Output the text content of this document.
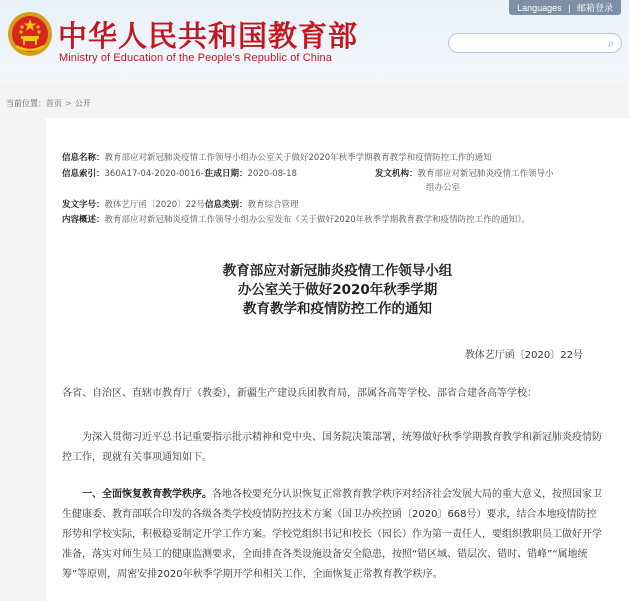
中华人民共和国教育部
Ministry of Education of the People's Republic of China
Languages | 邮箱登录
⌕
当前位置：首页 > 公开
信息名称：教育部应对新冠肺炎疫情工作领导小组办公室关于做好2020年秋季学期教育教学和疫情防控工作的通知
信息索引：360A17-04-2020-0016-1
生成日期：2020-08-18	发文机构：教育部应对新冠肺炎疫情工作领导小
组办公室
发文字号：教体艺厅函〔2020〕22号 信息类别：教育综合管理
内容概述：教育部应对新冠肺炎疫情工作领导小组办公室发布《关于做好2020年秋季学期教育教学和疫情防控工作的通知》。
教育部应对新冠肺炎疫情工作领导小组
办公室关于做好2020年秋季学期
教育教学和疫情防控工作的通知
教体艺厅函〔2020〕22号
各省、自治区、直辖市教育厅（教委），新疆生产建设兵团教育局，部属各高等学校、部省合建各高等学校：
为深入贯彻习近平总书记重要指示批示精神和党中央、国务院决策部署，统筹做好秋季学期教育教学和新冠肺炎疫情防控工作，现就有关事项通知如下。
一、全面恢复教育教学秩序。各地各校要充分认识恢复正常教育教学秩序对经济社会发展大局的重大意义，按照国家卫生健康委、教育部联合印发的各级各类学校疫情防控技术方案（国卫办疾控函〔2020〕668号）要求，结合本地疫情防控形势和学校实际，积极稳妥制定开学工作方案。学校党组织书记和校长（园长）作为第一责任人，要组织教职员工做好开学准备，落实对师生员工的健康监测要求，全面排查各类设施设备安全隐患，按照“错区域、错层次、错时、错峰”“属地统筹”等原则，周密安排2020年秋季学期开学和相关工作，全面恢复正常教育教学秩序。
